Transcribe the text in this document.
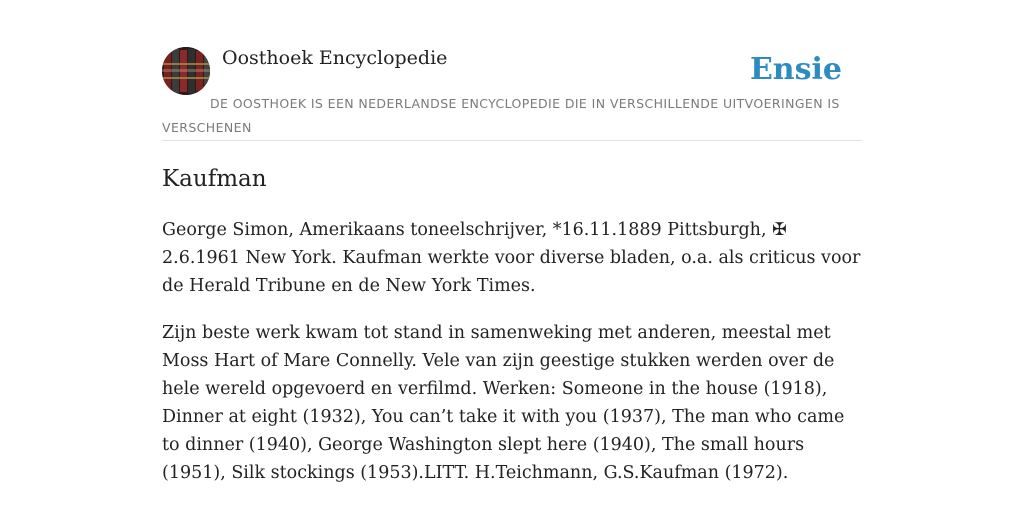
Oosthoek Encyclopedie	Ensie
DE OOSTHOEK IS EEN NEDERLANDSE ENCYCLOPEDIE DIE IN VERSCHILLENDE UITVOERINGEN IS VERSCHENEN
Kaufman

George Simon, Amerikaans toneelschrijver, *16.11.1889 Pittsburgh, ✠ 2.6.1961 New York. Kaufman werkte voor diverse bladen, o.a. als criticus voor de Herald Tribune en de New York Times.

Zijn beste werk kwam tot stand in samenweking met anderen, meestal met Moss Hart of Mare Connelly. Vele van zijn geestige stukken werden over de hele wereld opgevoerd en verfilmd. Werken: Someone in the house (1918), Dinner at eight (1932), You can’t take it with you (1937), The man who came to dinner (1940), George Washington slept here (1940), The small hours (1951), Silk stockings (1953).LITT. H.Teichmann, G.S.Kaufman (1972).
